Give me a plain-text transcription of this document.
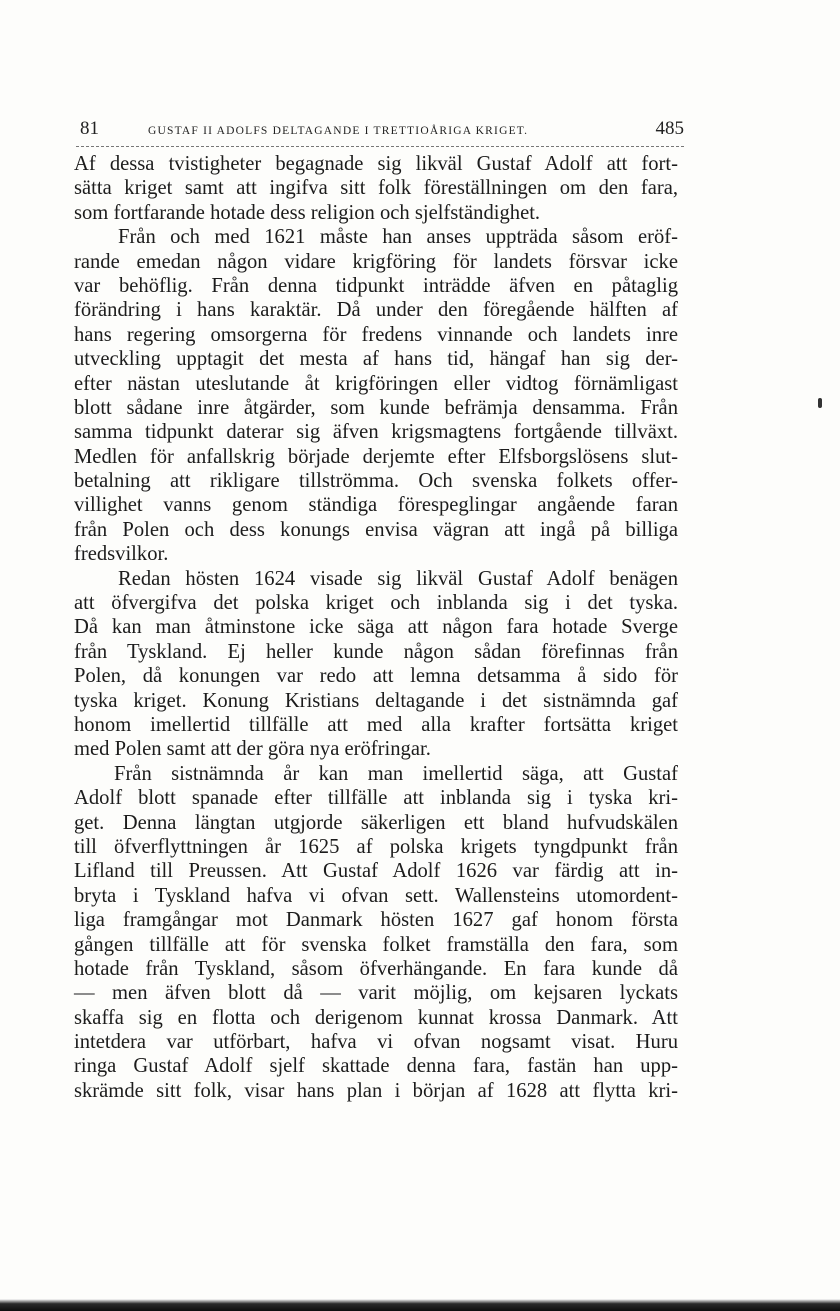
81	GUSTAF II ADOLFS DELTAGANDE I TRETTIOÅRIGA KRIGET.	485
Af dessa tvistigheter begagnade sig likväl Gustaf Adolf att fort-
sätta kriget samt att ingifva sitt folk föreställningen om den fara,
som fortfarande hotade dess religion och sjelfständighet.
Från och med 1621 måste han anses uppträda såsom eröf-
rande emedan någon vidare krigföring för landets försvar icke
var behöflig. Från denna tidpunkt inträdde äfven en påtaglig
förändring i hans karaktär. Då under den föregående hälften af
hans regering omsorgerna för fredens vinnande och landets inre
utveckling upptagit det mesta af hans tid, hängaf han sig der-
efter nästan uteslutande åt krigföringen eller vidtog förnämligast
blott sådane inre åtgärder, som kunde befrämja densamma. Från
samma tidpunkt daterar sig äfven krigsmagtens fortgående tillväxt.
Medlen för anfallskrig började derjemte efter Elfsborgslösens slut-
betalning att rikligare tillströmma. Och svenska folkets offer-
villighet vanns genom ständiga förespeglingar angående faran
från Polen och dess konungs envisa vägran att ingå på billiga
fredsvilkor.
Redan hösten 1624 visade sig likväl Gustaf Adolf benägen
att öfvergifva det polska kriget och inblanda sig i det tyska.
Då kan man åtminstone icke säga att någon fara hotade Sverge
från Tyskland. Ej heller kunde någon sådan förefinnas från
Polen, då konungen var redo att lemna detsamma å sido för
tyska kriget. Konung Kristians deltagande i det sistnämnda gaf
honom imellertid tillfälle att med alla krafter fortsätta kriget
med Polen samt att der göra nya eröfringar.
Från sistnämnda år kan man imellertid säga, att Gustaf
Adolf blott spanade efter tillfälle att inblanda sig i tyska kri-
get. Denna längtan utgjorde säkerligen ett bland hufvudskälen
till öfverflyttningen år 1625 af polska krigets tyngdpunkt från
Lifland till Preussen. Att Gustaf Adolf 1626 var färdig att in-
bryta i Tyskland hafva vi ofvan sett. Wallensteins utomordent-
liga framgångar mot Danmark hösten 1627 gaf honom första
gången tillfälle att för svenska folket framställa den fara, som
hotade från Tyskland, såsom öfverhängande. En fara kunde då
— men äfven blott då — varit möjlig, om kejsaren lyckats
skaffa sig en flotta och derigenom kunnat krossa Danmark. Att
intetdera var utförbart, hafva vi ofvan nogsamt visat. Huru
ringa Gustaf Adolf sjelf skattade denna fara, fastän han upp-
skrämde sitt folk, visar hans plan i början af 1628 att flytta kri-
